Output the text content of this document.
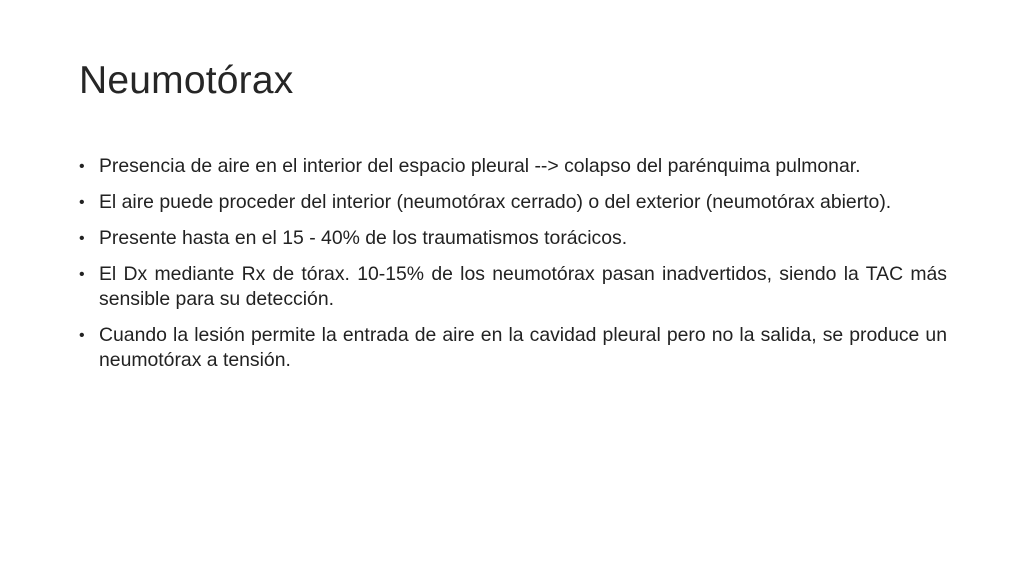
Neumotórax
• Presencia de aire en el interior del espacio pleural --> colapso del parénquima pulmonar.
• El aire puede proceder del interior (neumotórax cerrado) o del exterior (neumotórax abierto).
• Presente hasta en el 15 - 40% de los traumatismos torácicos.
• El Dx mediante Rx de tórax. 10-15% de los neumotórax pasan inadvertidos, siendo la TAC más sensible para su detección.
• Cuando la lesión permite la entrada de aire en la cavidad pleural pero no la salida, se produce un neumotórax a tensión.
